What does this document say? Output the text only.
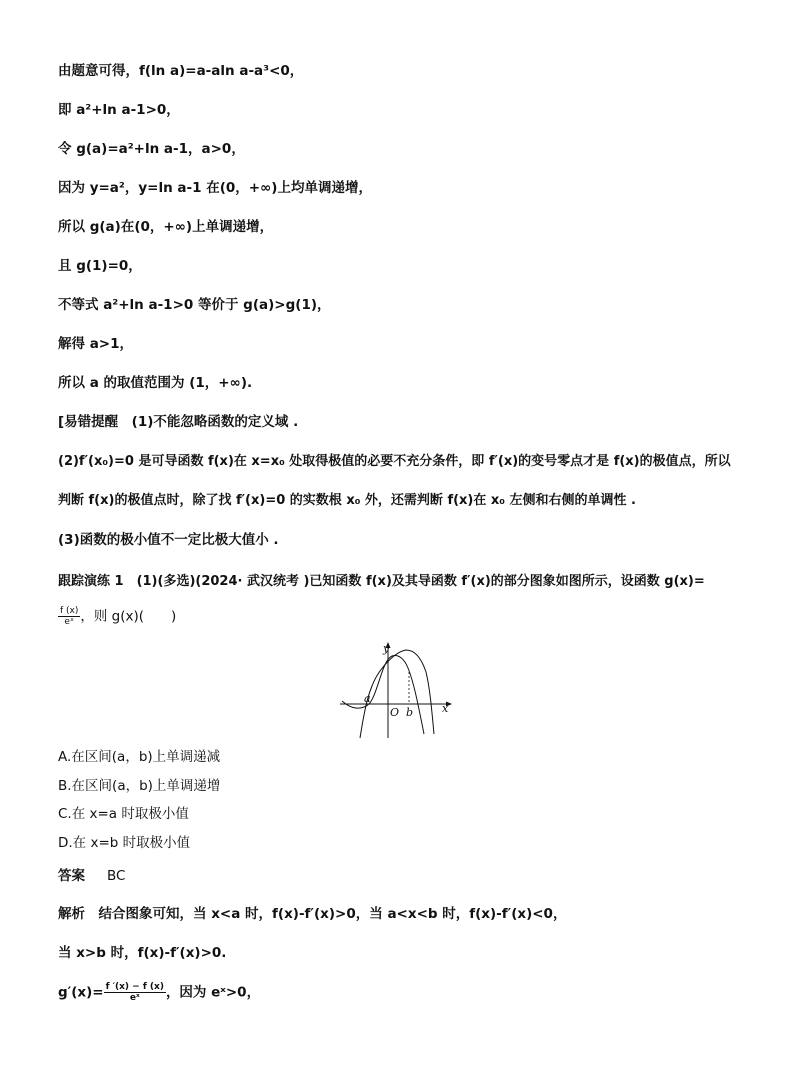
由题意可得，f(ln a)=a-aln a-a³<0，
即 a²+ln a-1>0，
令 g(a)=a²+ln a-1，a>0，
因为 y=a²，y=ln a-1 在(0，+∞)上均单调递增，
所以 g(a)在(0，+∞)上单调递增，
且 g(1)=0，
不等式 a²+ln a-1>0 等价于 g(a)>g(1)，
解得 a>1，
所以 a 的取值范围为 (1，+∞).
[易错提醒　(1)不能忽略函数的定义域 .
(2)f′(x₀)=0 是可导函数 f(x)在 x=x₀ 处取得极值的必要不充分条件，即 f′(x)的变号零点才是 f(x)的极值点，所以
判断 f(x)的极值点时，除了找 f′(x)=0 的实数根 x₀ 外，还需判断 f(x)在 x₀ 左侧和右侧的单调性 .
(3)函数的极小值不一定比极大值小 .
跟踪演练 1　(1)(多选)(2024· 武汉统考 )已知函数 f(x)及其导函数 f′(x)的部分图象如图所示，设函数 g(x)=
$\frac{f (x)}{\text{eˣ}}$ ，则 g(x)(　　)
y
x
O
a
b
A.在区间(a，b)上单调递减
B.在区间(a，b)上单调递增
C.在 x=a 时取极小值
D.在 x=b 时取极小值
答案 BC
解析　结合图象可知，当 x<a 时，f(x)-f′(x)>0，当 a<x<b 时，f(x)-f′(x)<0，
当 x>b 时，f(x)-f′(x)>0.
$g'(x)= \frac{f '(x) - f (x)}{\text{eˣ}}$ ，因为 eˣ>0，
